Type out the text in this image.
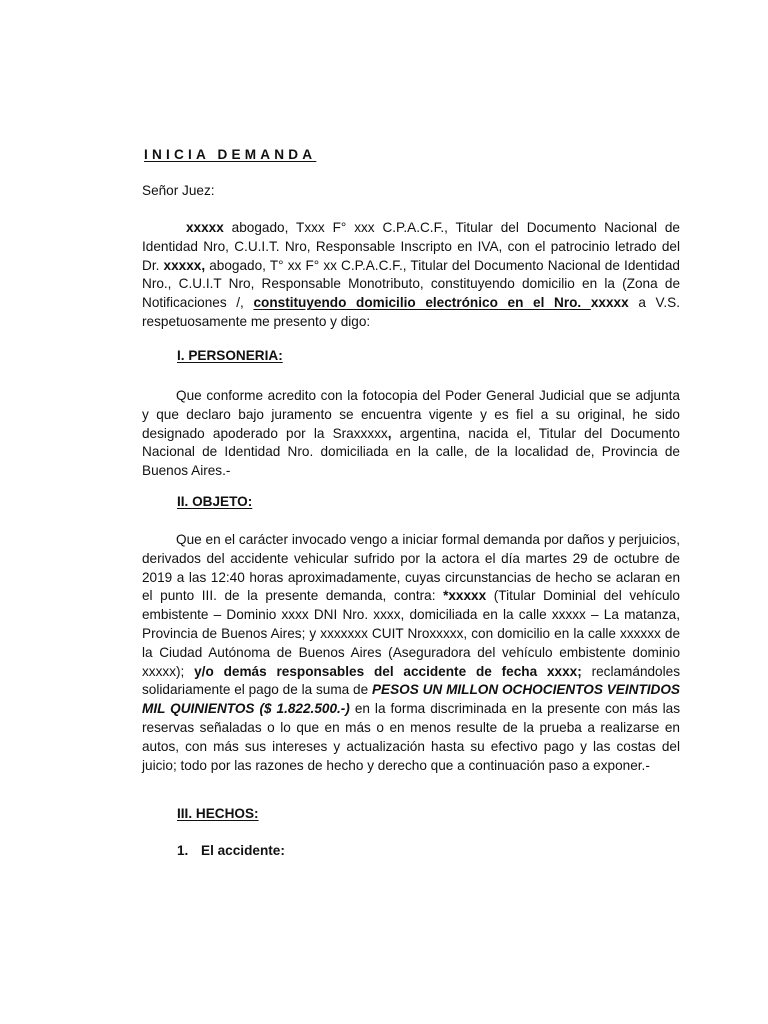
INICIA DEMANDA
Señor Juez:

xxxxx abogado, Txxx F° xxx C.P.A.C.F., Titular del Documento Nacional de Identidad Nro, C.U.I.T. Nro, Responsable Inscripto en IVA, con el patrocinio letrado del Dr. xxxxx, abogado, T° xx F° xx C.P.A.C.F., Titular del Documento Nacional de Identidad Nro., C.U.I.T Nro, Responsable Monotributo, constituyendo domicilio en la (Zona de Notificaciones /, constituyendo domicilio electrónico en el Nro. xxxxx a V.S. respetuosamente me presento y digo:

I. PERSONERIA:

Que conforme acredito con la fotocopia del Poder General Judicial que se adjunta y que declaro bajo juramento se encuentra vigente y es fiel a su original, he sido designado apoderado por la Sraxxxxx, argentina, nacida el, Titular del Documento Nacional de Identidad Nro. domiciliada en la calle, de la localidad de, Provincia de Buenos Aires.-

II. OBJETO:

Que en el carácter invocado vengo a iniciar formal demanda por daños y perjuicios, derivados del accidente vehicular sufrido por la actora el día martes 29 de octubre de 2019 a las 12:40 horas aproximadamente, cuyas circunstancias de hecho se aclaran en el punto III. de la presente demanda, contra: *xxxxx (Titular Dominial del vehículo embistente – Dominio xxxx DNI Nro. xxxx, domiciliada en la calle xxxxx – La matanza, Provincia de Buenos Aires; y xxxxxxx CUIT Nroxxxxx, con domicilio en la calle xxxxxx de la Ciudad Autónoma de Buenos Aires (Aseguradora del vehículo embistente dominio xxxxx); y/o demás responsables del accidente de fecha xxxx; reclamándoles solidariamente el pago de la suma de PESOS UN MILLON OCHOCIENTOS VEINTIDOS MIL QUINIENTOS ($ 1.822.500.-) en la forma discriminada en la presente con más las reservas señaladas o lo que en más o en menos resulte de la prueba a realizarse en autos, con más sus intereses y actualización hasta su efectivo pago y las costas del juicio; todo por las razones de hecho y derecho que a continuación paso a exponer.-

III. HECHOS:
1. El accidente:
